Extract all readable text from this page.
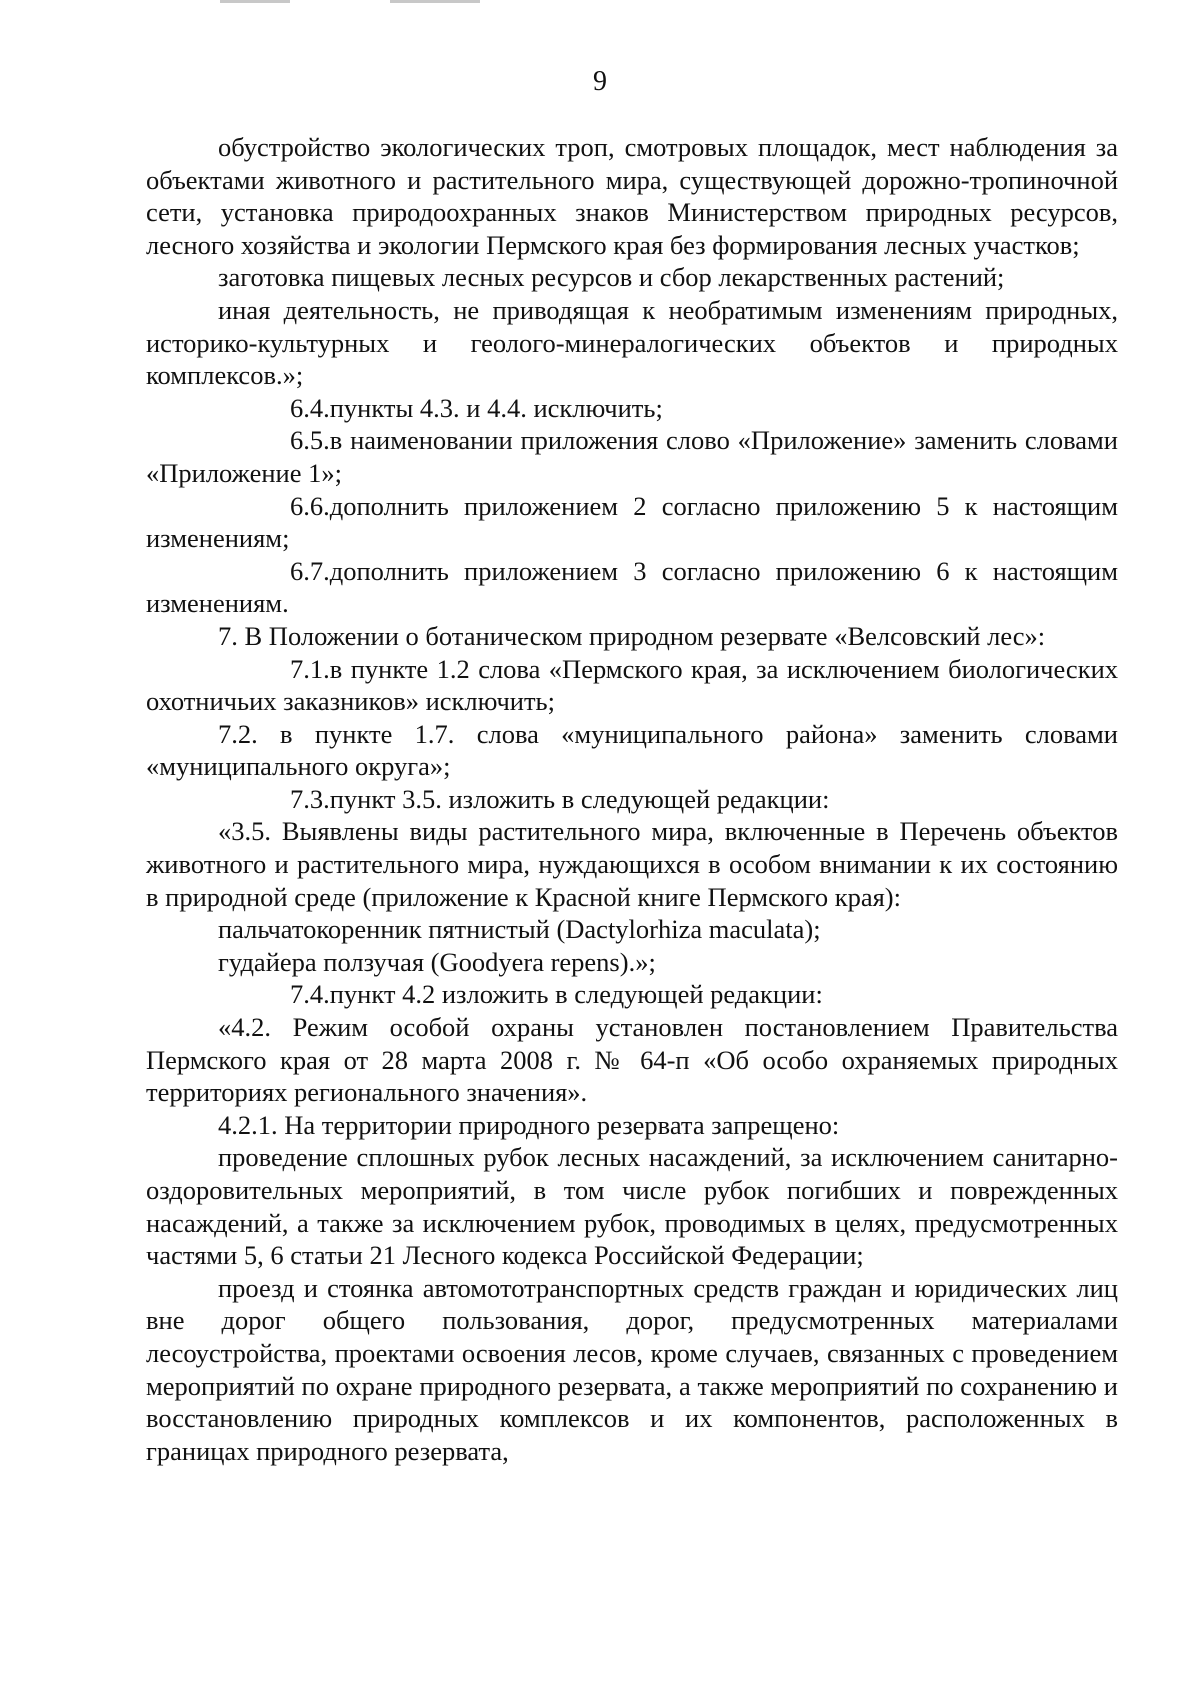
9

обустройство экологических троп, смотровых площадок, мест наблюдения за объектами животного и растительного мира, существующей дорожно-тропиночной сети, установка природоохранных знаков Министерством природных ресурсов, лесного хозяйства и экологии Пермского края без формирования лесных участков;

заготовка пищевых лесных ресурсов и сбор лекарственных растений;

иная деятельность, не приводящая к необратимым изменениям природных, историко-культурных и геолого-минералогических объектов и природных комплексов.»;

6.4.пункты 4.3. и 4.4. исключить;

6.5.в наименовании приложения слово «Приложение» заменить словами «Приложение 1»;

6.6.дополнить приложением 2 согласно приложению 5 к настоящим изменениям;

6.7.дополнить приложением 3 согласно приложению 6 к настоящим изменениям.

7. В Положении о ботаническом природном резервате «Велсовский лес»:

7.1.в пункте 1.2 слова «Пермского края, за исключением биологических охотничьих заказников» исключить;

7.2. в пункте 1.7. слова «муниципального района» заменить словами «муниципального округа»;

7.3.пункт 3.5. изложить в следующей редакции:

«3.5. Выявлены виды растительного мира, включенные в Перечень объектов животного и растительного мира, нуждающихся в особом внимании к их состоянию в природной среде (приложение к Красной книге Пермского края):

пальчатокоренник пятнистый (Dactylorhiza maculata);

гудайера ползучая (Goodyera repens).»;

7.4.пункт 4.2 изложить в следующей редакции:

«4.2. Режим особой охраны установлен постановлением Правительства Пермского края от 28 марта 2008 г. № 64-п «Об особо охраняемых природных территориях регионального значения».

4.2.1. На территории природного резервата запрещено:

проведение сплошных рубок лесных насаждений, за исключением санитарно-оздоровительных мероприятий, в том числе рубок погибших и поврежденных насаждений, а также за исключением рубок, проводимых в целях, предусмотренных частями 5, 6 статьи 21 Лесного кодекса Российской Федерации;

проезд и стоянка автомототранспортных средств граждан и юридических лиц вне дорог общего пользования, дорог, предусмотренных материалами лесоустройства, проектами освоения лесов, кроме случаев, связанных с проведением мероприятий по охране природного резервата, а также мероприятий по сохранению и восстановлению природных комплексов и их компонентов, расположенных в границах природного резервата,
